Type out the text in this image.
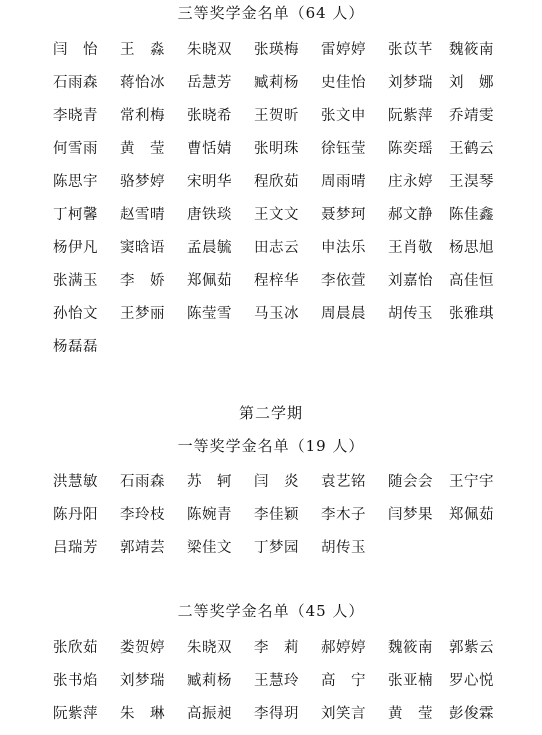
三等奖学金名单（64 人）
闫　怡 王　淼 朱晓双 张瑛梅 雷婷婷 张苡芊 魏筱南
石雨森 蒋怡冰 岳慧芳 臧莉杨 史佳怡 刘梦瑞 刘　娜
李晓青 常利梅 张晓希 王贺昕 张文申 阮紫萍 乔靖雯
何雪雨 黄　莹 曹恬婧 张明珠 徐钰莹 陈奕瑶 王鹤云
陈思宇 骆梦婷 宋明华 程欣茹 周雨晴 庄永婷 王淏琴
丁柯馨 赵雪晴 唐铁琰 王文文 聂梦珂 郝文静 陈佳鑫
杨伊凡 窦晗语 孟晨毓 田志云 申法乐 王肖敬 杨思旭
张满玉 李　娇 郑佩茹 程梓华 李依萱 刘嘉怡 高佳恒
孙怡文 王梦丽 陈莹雪 马玉冰 周晨晨 胡传玉 张雅琪
杨磊磊
第二学期
一等奖学金名单（19 人）
洪慧敏 石雨森 苏　轲 闫　炎 袁艺铭 随会会 王宁宇
陈丹阳 李玲枝 陈婉青 李佳颖 李木子 闫梦果 郑佩茹
吕瑞芳 郭靖芸 梁佳文 丁梦园 胡传玉
二等奖学金名单（45 人）
张欣茹 娄贺婷 朱晓双 李　莉 郝婷婷 魏筱南 郭紫云
张书焰 刘梦瑞 臧莉杨 王慧玲 高　宁 张亚楠 罗心悦
阮紫萍 朱　琳 高振昶 李得玥 刘笑言 黄　莹 彭俊霖
